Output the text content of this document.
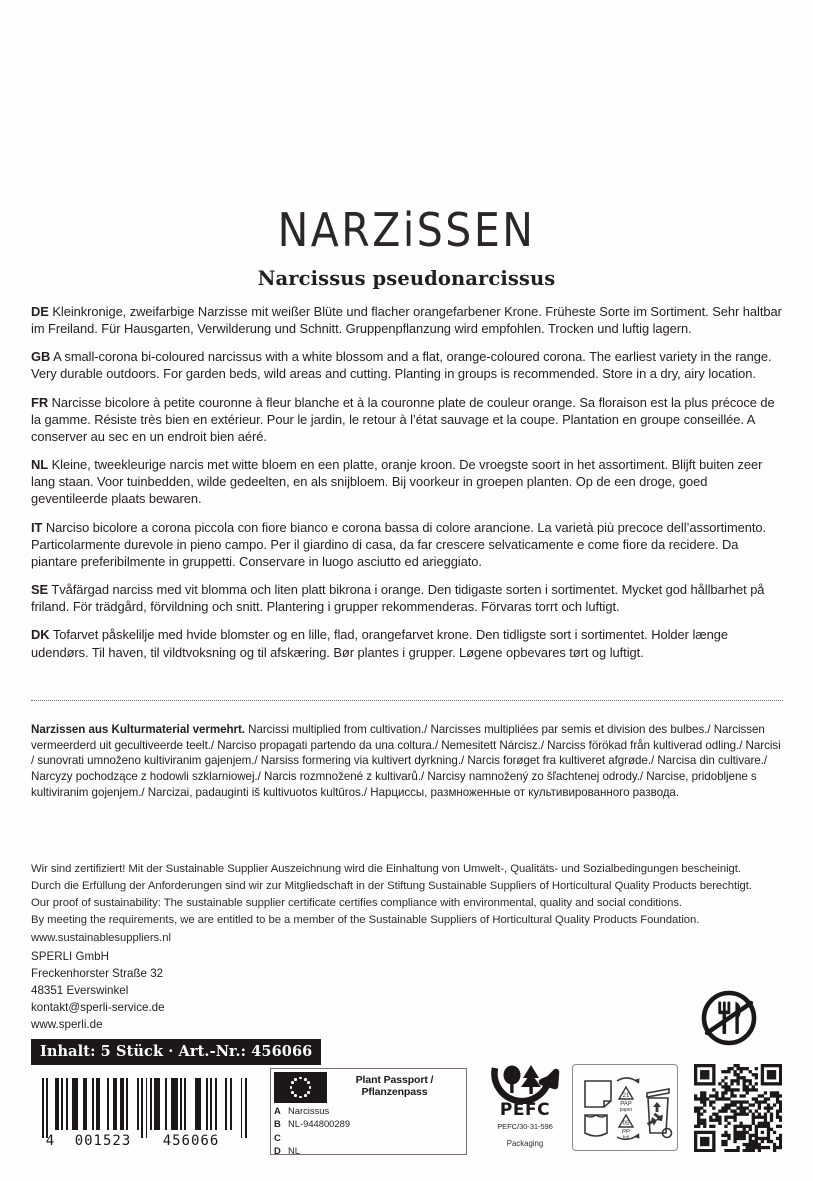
NARZiSSEN
Narcissus pseudonarcissus

DE Kleinkronige, zweifarbige Narzisse mit weißer Blüte und flacher orangefarbener Krone. Früheste Sorte im Sortiment. Sehr haltbar im Freiland. Für Hausgarten, Verwilderung und Schnitt. Gruppenpflanzung wird empfohlen. Trocken und luftig lagern.

GB A small-corona bi-coloured narcissus with a white blossom and a flat, orange-coloured corona. The earliest variety in the range. Very durable outdoors. For garden beds, wild areas and cutting. Planting in groups is recommended. Store in a dry, airy location.

FR Narcisse bicolore à petite couronne à fleur blanche et à la couronne plate de couleur orange. Sa floraison est la plus précoce de la gamme. Résiste très bien en extérieur. Pour le jardin, le retour à l’état sauvage et la coupe. Plantation en groupe conseillée. A conserver au sec en un endroit bien aéré.

NL Kleine, tweekleurige narcis met witte bloem en een platte, oranje kroon. De vroegste soort in het assortiment. Blijft buiten zeer lang staan. Voor tuinbedden, wilde gedeelten, en als snijbloem. Bij voorkeur in groepen planten. Op de een droge, goed geventileerde plaats bewaren.

IT Narciso bicolore a corona piccola con fiore bianco e corona bassa di colore arancione. La varietà più precoce dell’assortimento. Particolarmente durevole in pieno campo. Per il giardino di casa, da far crescere selvaticamente e come fiore da recidere. Da piantare preferibilmente in gruppetti. Conservare in luogo asciutto ed arieggiato.

SE Tvåfärgad narciss med vit blomma och liten platt bikrona i orange. Den tidigaste sorten i sortimentet. Mycket god hållbarhet på friland. För trädgård, förvildning och snitt. Plantering i grupper rekommenderas. Förvaras torrt och luftigt.

DK Tofarvet påskelilje med hvide blomster og en lille, flad, orangefarvet krone. Den tidligste sort i sortimentet. Holder længe udendørs. Til haven, til vildtvoksning og til afskæring. Bør plantes i grupper. Løgene opbevares tørt og luftigt.

Narzissen aus Kulturmaterial vermehrt. Narcissi multiplied from cultivation./ Narcisses multipliées par semis et division des bulbes./ Narcissen vermeerderd uit gecultiveerde teelt./ Narciso propagati partendo da una coltura./ Nemesitett Nárcisz./ Narciss förökad från kultiverad odling./ Narcisi / sunovrati umnoženo kultiviranim gajenjem./ Narsiss formering via kultivert dyrkning./ Narcis forøget fra kultiveret afgrøde./ Narcisa din cultivare./ Narcyzy pochodzące z hodowli szklarniowej./ Narcis rozmnožené z kultivarů./ Narcisy namnožený zo šľachtenej odrody./ Narcise, pridobljene s kultiviranim gojenjem./ Narcizai, padauginti iš kultivuotos kultūros./ Нарциссы, размноженные от культивированного развода.
Wir sind zertifiziert! Mit der Sustainable Supplier Auszeichnung wird die Einhaltung von Umwelt-, Qualitäts- und Sozialbedingungen bescheinigt.
Durch die Erfüllung der Anforderungen sind wir zur Mitgliedschaft in der Stiftung Sustainable Suppliers of Horticultural Quality Products berechtigt.
Our proof of sustainability: The sustainable supplier certificate certifies compliance with environmental, quality and social conditions.
By meeting the requirements, we are entitled to be a member of the Sustainable Suppliers of Horticultural Quality Products Foundation.
www.sustainablesuppliers.nl
SPERLI GmbH
Freckenhorster Straße 32
48351 Everswinkel
kontakt@sperli-service.de
www.sperli.de
Inhalt: 5 Stück · Art.-Nr.: 456066
4	001523	456066
Plant Passport / Pflanzenpass
A Narcissus
B NL-944800289
C
D NL
PEFC
PEFC/30-31-596
Packaging
21
PAP
paper
05
PP
foil
